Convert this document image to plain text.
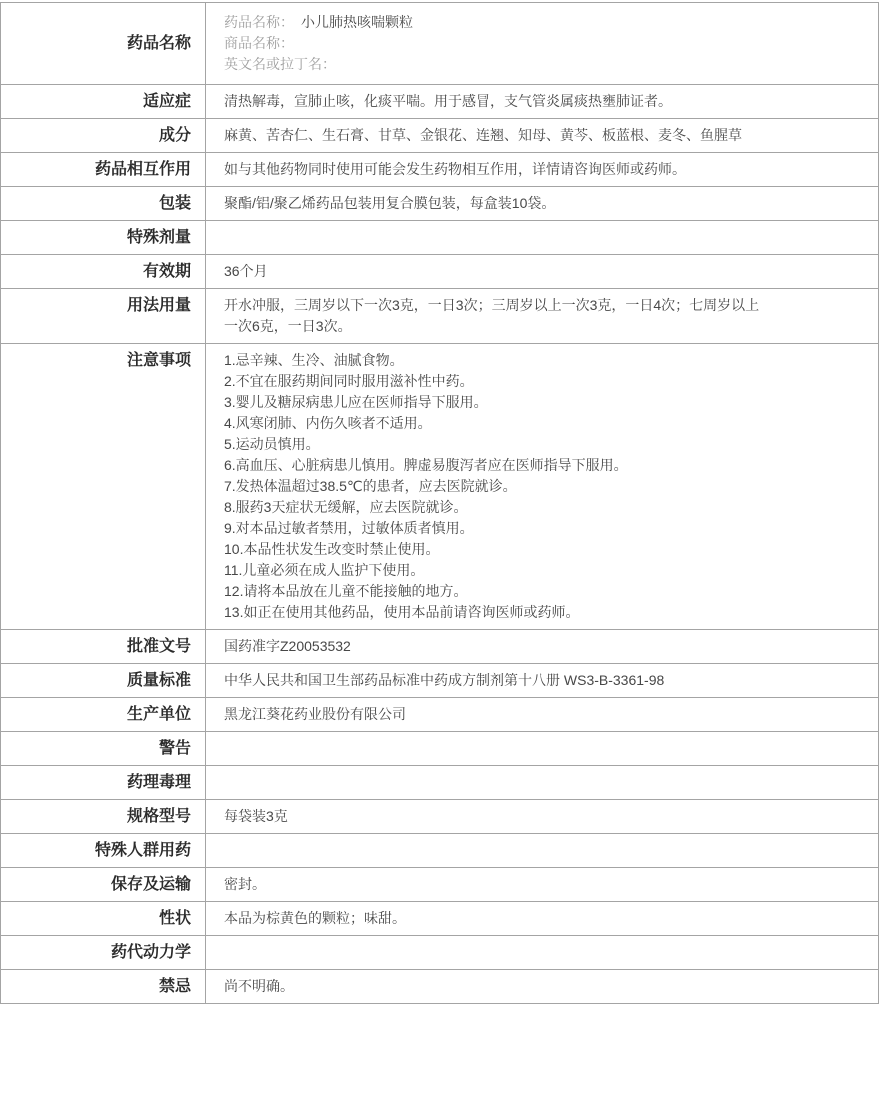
药品名称	药品名称： 小儿肺热咳喘颗粒
商品名称：
英文名或拉丁名：

适应症	清热解毒，宣肺止咳，化痰平喘。用于感冒，支气管炎属痰热壅肺证者。
成分	麻黄、苦杏仁、生石膏、甘草、金银花、连翘、知母、黄芩、板蓝根、麦冬、鱼腥草
药品相互作用	如与其他药物同时使用可能会发生药物相互作用，详情请咨询医师或药师。
包装	聚酯/铝/聚乙烯药品包装用复合膜包装，每盒装10袋。
特殊剂量	
有效期	36个月
用法用量	开水冲服，三周岁以下一次3克，一日3次；三周岁以上一次3克，一日4次；七周岁以上
一次6克，一日3次。

注意事项	1.忌辛辣、生冷、油腻食物。
2.不宜在服药期间同时服用滋补性中药。
3.婴儿及糖尿病患儿应在医师指导下服用。
4.风寒闭肺、内伤久咳者不适用。
5.运动员慎用。
6.高血压、心脏病患儿慎用。脾虚易腹泻者应在医师指导下服用。
7.发热体温超过38.5℃的患者，应去医院就诊。
8.服药3天症状无缓解，应去医院就诊。
9.对本品过敏者禁用，过敏体质者慎用。
10.本品性状发生改变时禁止使用。
11.儿童必须在成人监护下使用。
12.请将本品放在儿童不能接触的地方。
13.如正在使用其他药品，使用本品前请咨询医师或药师。

批准文号	国药准字Z20053532
质量标准	中华人民共和国卫生部药品标准中药成方制剂第十八册 WS3-B-3361-98
生产单位	黑龙江葵花药业股份有限公司
警告	
药理毒理	
规格型号	每袋装3克
特殊人群用药	
保存及运输	密封。
性状	本品为棕黄色的颗粒；味甜。
药代动力学	
禁忌	尚不明确。
